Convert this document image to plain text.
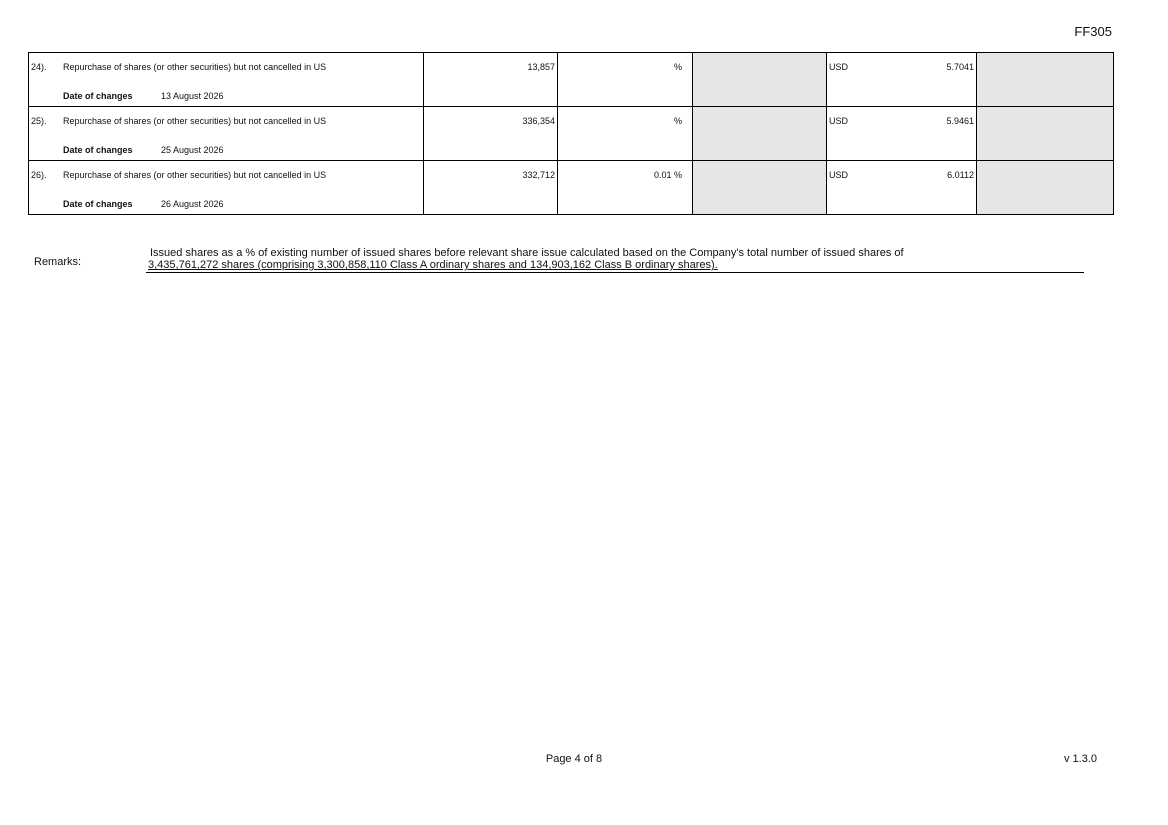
FF305
24). Repurchase of shares (or other securities) but not cancelled in US
Date of changes 13 August 2026	13,857	%		USD 5.7041	

25). Repurchase of shares (or other securities) but not cancelled in US
Date of changes 25 August 2026	336,354	%		USD 5.9461	

26). Repurchase of shares (or other securities) but not cancelled in US
Date of changes 26 August 2026	332,712	0.01 %		USD 6.0112	

Remarks:
Issued shares as a % of existing number of issued shares before relevant share issue calculated based on the Company's total number of issued shares of
3,435,761,272 shares (comprising 3,300,858,110 Class A ordinary shares and 134,903,162 Class B ordinary shares).
Page 4 of 8	v 1.3.0
